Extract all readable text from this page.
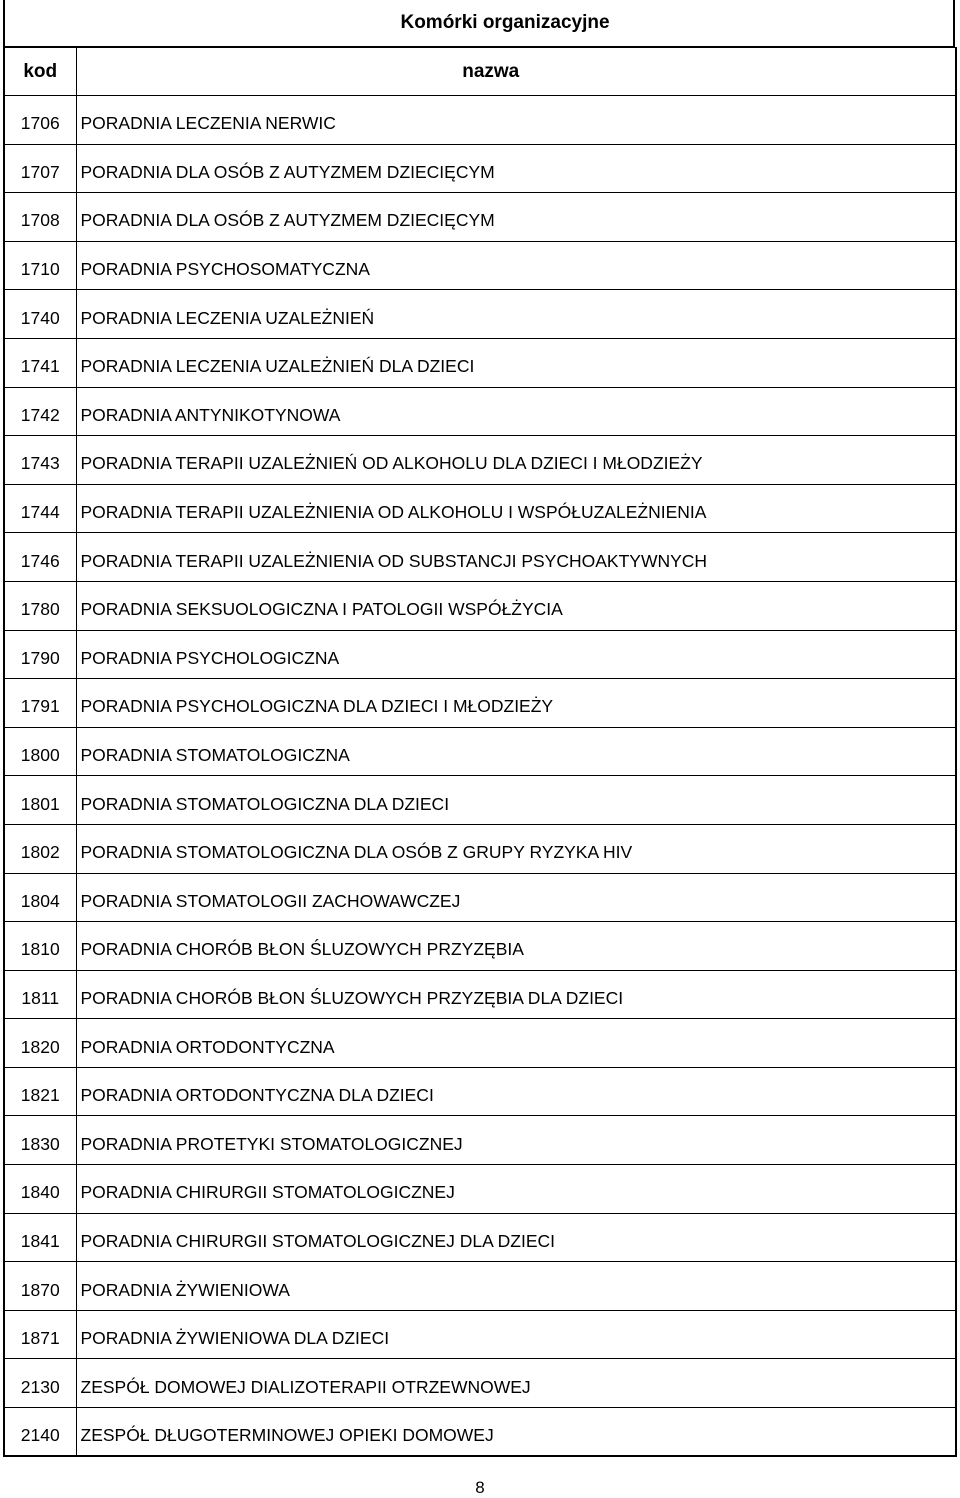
Komórki organizacyjne
kod	nazwa
1706	PORADNIA LECZENIA NERWIC
1707	PORADNIA DLA OSÓB Z AUTYZMEM DZIECIĘCYM
1708	PORADNIA DLA OSÓB Z AUTYZMEM DZIECIĘCYM
1710	PORADNIA PSYCHOSOMATYCZNA
1740	PORADNIA LECZENIA UZALEŻNIEŃ
1741	PORADNIA LECZENIA UZALEŻNIEŃ DLA DZIECI
1742	PORADNIA ANTYNIKOTYNOWA
1743	PORADNIA TERAPII UZALEŻNIEŃ OD ALKOHOLU DLA DZIECI I MŁODZIEŻY
1744	PORADNIA TERAPII UZALEŻNIENIA OD ALKOHOLU I WSPÓŁUZALEŻNIENIA
1746	PORADNIA TERAPII UZALEŻNIENIA OD SUBSTANCJI PSYCHOAKTYWNYCH
1780	PORADNIA SEKSUOLOGICZNA I PATOLOGII WSPÓŁŻYCIA
1790	PORADNIA PSYCHOLOGICZNA
1791	PORADNIA PSYCHOLOGICZNA DLA DZIECI I MŁODZIEŻY
1800	PORADNIA STOMATOLOGICZNA
1801	PORADNIA STOMATOLOGICZNA DLA DZIECI
1802	PORADNIA STOMATOLOGICZNA DLA OSÓB Z GRUPY RYZYKA HIV
1804	PORADNIA STOMATOLOGII ZACHOWAWCZEJ
1810	PORADNIA CHORÓB BŁON ŚLUZOWYCH PRZYZĘBIA
1811	PORADNIA CHORÓB BŁON ŚLUZOWYCH PRZYZĘBIA DLA DZIECI
1820	PORADNIA ORTODONTYCZNA
1821	PORADNIA ORTODONTYCZNA DLA DZIECI
1830	PORADNIA PROTETYKI STOMATOLOGICZNEJ
1840	PORADNIA CHIRURGII STOMATOLOGICZNEJ
1841	PORADNIA CHIRURGII STOMATOLOGICZNEJ DLA DZIECI
1870	PORADNIA ŻYWIENIOWA
1871	PORADNIA ŻYWIENIOWA DLA DZIECI
2130	ZESPÓŁ DOMOWEJ DIALIZOTERAPII OTRZEWNOWEJ
2140	ZESPÓŁ DŁUGOTERMINOWEJ OPIEKI DOMOWEJ
8
